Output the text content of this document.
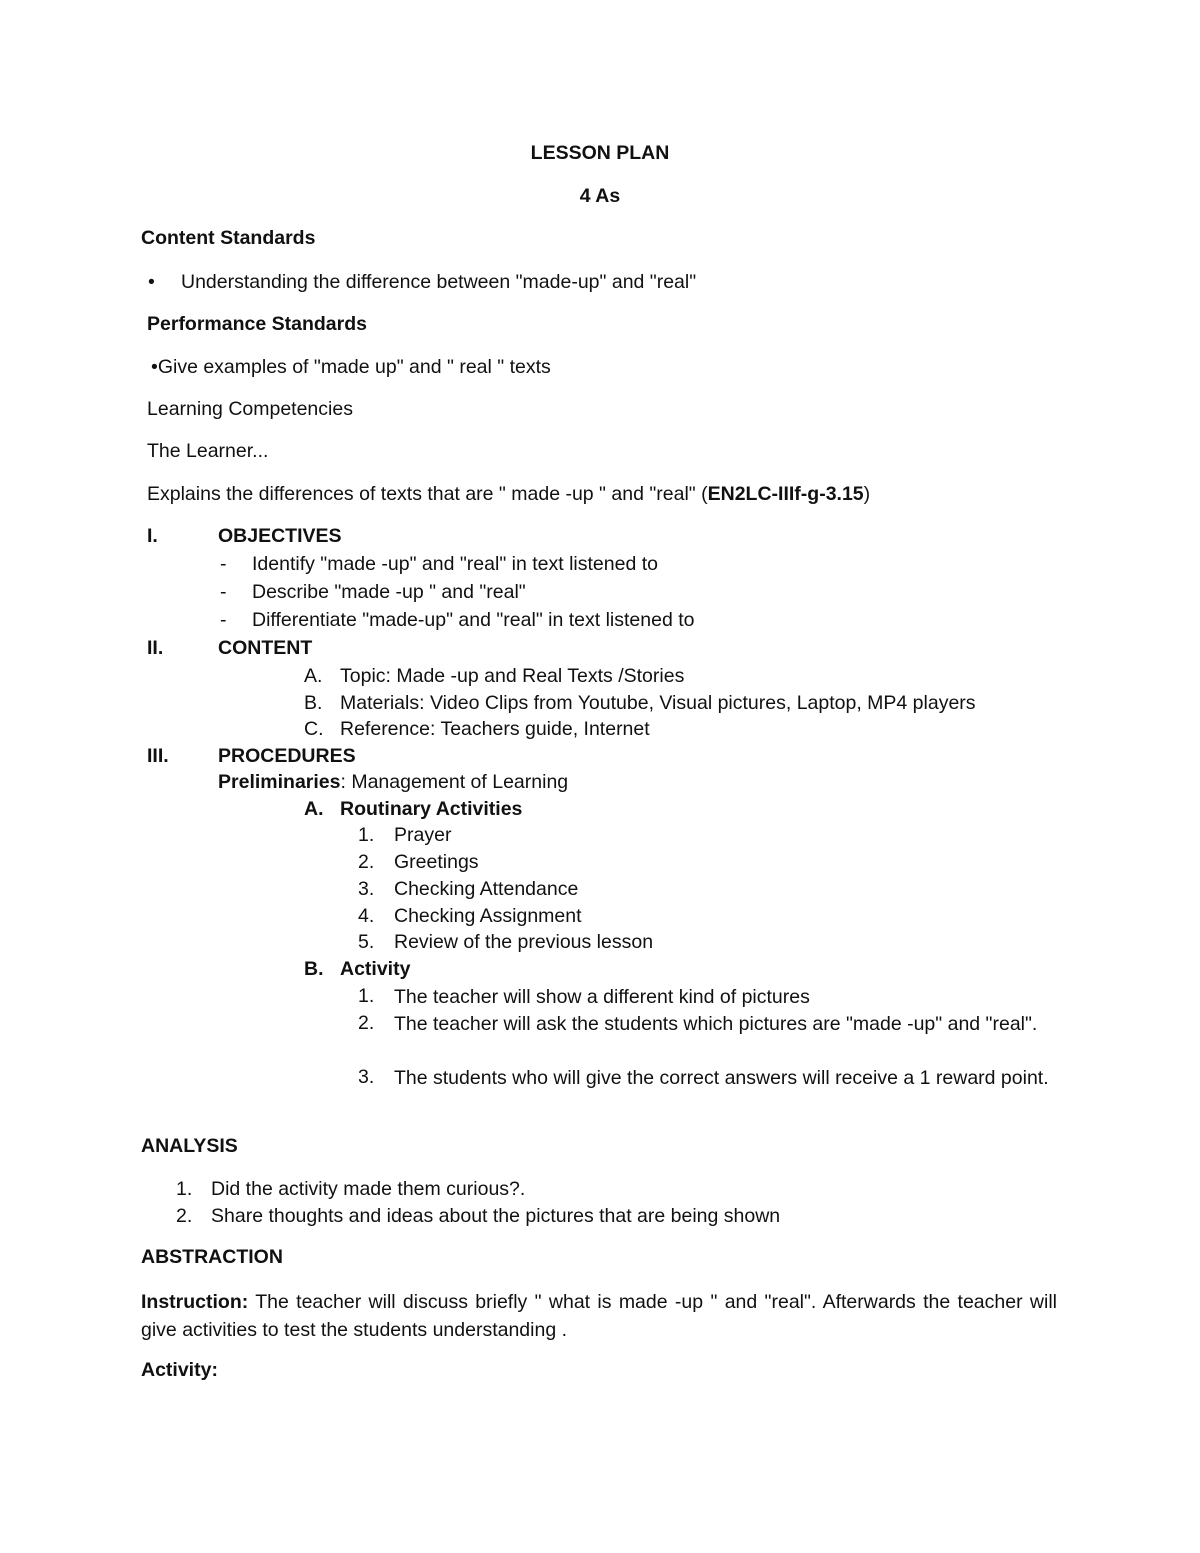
LESSON PLAN
4 As
Content Standards
• Understanding the difference between "made-up" and "real"
Performance Standards
•Give examples of "made up" and " real " texts
Learning Competencies
The Learner...
Explains the differences of texts that are " made -up " and "real" (EN2LC-IIIf-g-3.15)
I.	OBJECTIVES
- Identify "made -up" and "real" in text listened to
- Describe "made -up " and "real"
- Differentiate "made-up" and "real" in text listened to
II.	CONTENT
A. Topic: Made -up and Real Texts /Stories
B. Materials: Video Clips from Youtube, Visual pictures, Laptop, MP4 players
C. Reference: Teachers guide, Internet
III.	PROCEDURES
Preliminaries: Management of Learning
A. Routinary Activities
1. Prayer
2. Greetings
3. Checking Attendance
4. Checking Assignment
5. Review of the previous lesson
B. Activity
1. The teacher will show a different kind of pictures
2. The teacher will ask the students which pictures are "made -up" and "real".
3. The students who will give the correct answers will receive a 1 reward point.
ANALYSIS
1. Did the activity made them curious?.
2. Share thoughts and ideas about the pictures that are being shown
ABSTRACTION
Instruction: The teacher will discuss briefly " what is made -up " and "real". Afterwards the teacher will give activities to test the students understanding .
Activity:
